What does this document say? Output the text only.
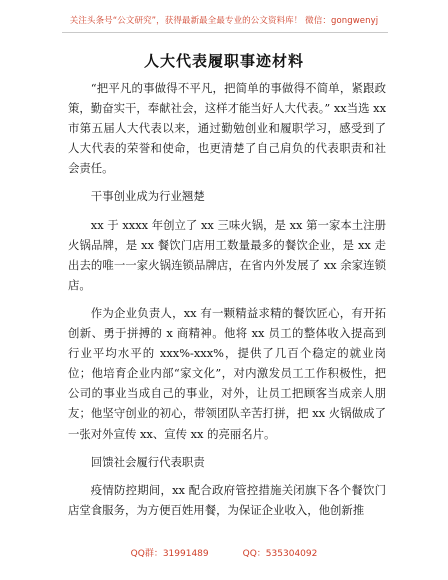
关注头条号“公文研究”，获得最新最全最专业的公文资料库！ 微信：gongwenyj
人大代表履职事迹材料

“把平凡的事做得不平凡，把简单的事做得不简单，紧跟政策，勤奋实干，奉献社会，这样才能当好人大代表。” xx当选 xx 市第五届人大代表以来，通过勤勉创业和履职学习，感受到了人大代表的荣誉和使命，也更清楚了自己肩负的代表职责和社会责任。

干事创业成为行业翘楚

xx 于 xxxx 年创立了 xx 三味火锅，是 xx 第一家本土注册火锅品牌，是 xx 餐饮门店用工数量最多的餐饮企业，是 xx 走出去的唯一一家火锅连锁品牌店，在省内外发展了 xx 余家连锁店。

作为企业负责人，xx 有一颗精益求精的餐饮匠心，有开拓创新、勇于拼搏的 x 商精神。他将 xx 员工的整体收入提高到行业平均水平的 xxx%-xxx%，提供了几百个稳定的就业岗位；他培育企业内部“家文化”，对内激发员工工作积极性，把公司的事业当成自己的事业，对外，让员工把顾客当成亲人朋友；他坚守创业的初心，带领团队辛苦打拼，把 xx 火锅做成了一张对外宣传 xx、宣传 xx 的亮丽名片。

回馈社会履行代表职责

疫情防控期间，xx 配合政府管控措施关闭旗下各个餐饮门店堂食服务，为方便百姓用餐，为保证企业收入，他创新推

QQ群：31991489	QQ：535304092
